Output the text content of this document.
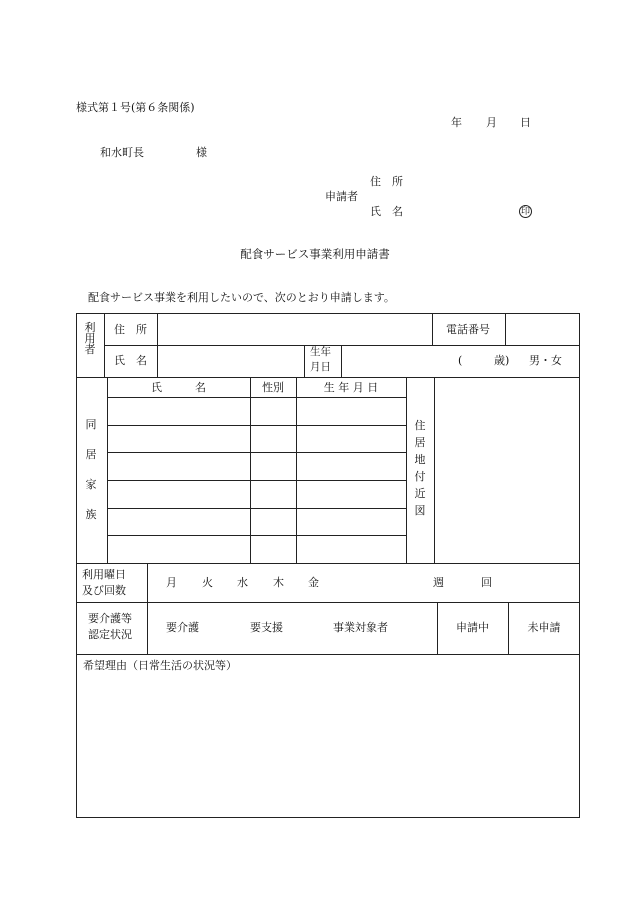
様式第１号(第６条関係)
年 月 日
和水町長	様
住　所
申請者
氏　名	印
配食サービス事業利用申請書
配食サービス事業を利用したいので、次のとおり申請します。
利
用
者
住　所	電話番号
氏　名
生年
月日	(	歳) 男・女
同
居
家
族
氏　　　名	性別	生 年 月 日
住
居
地
付
近
図
利用曜日
及び回数
月 火 水 木 金	週	回
要介護等
認定状況
要介護	要支援	事業対象者	申請中	未申請
希望理由（日常生活の状況等）
